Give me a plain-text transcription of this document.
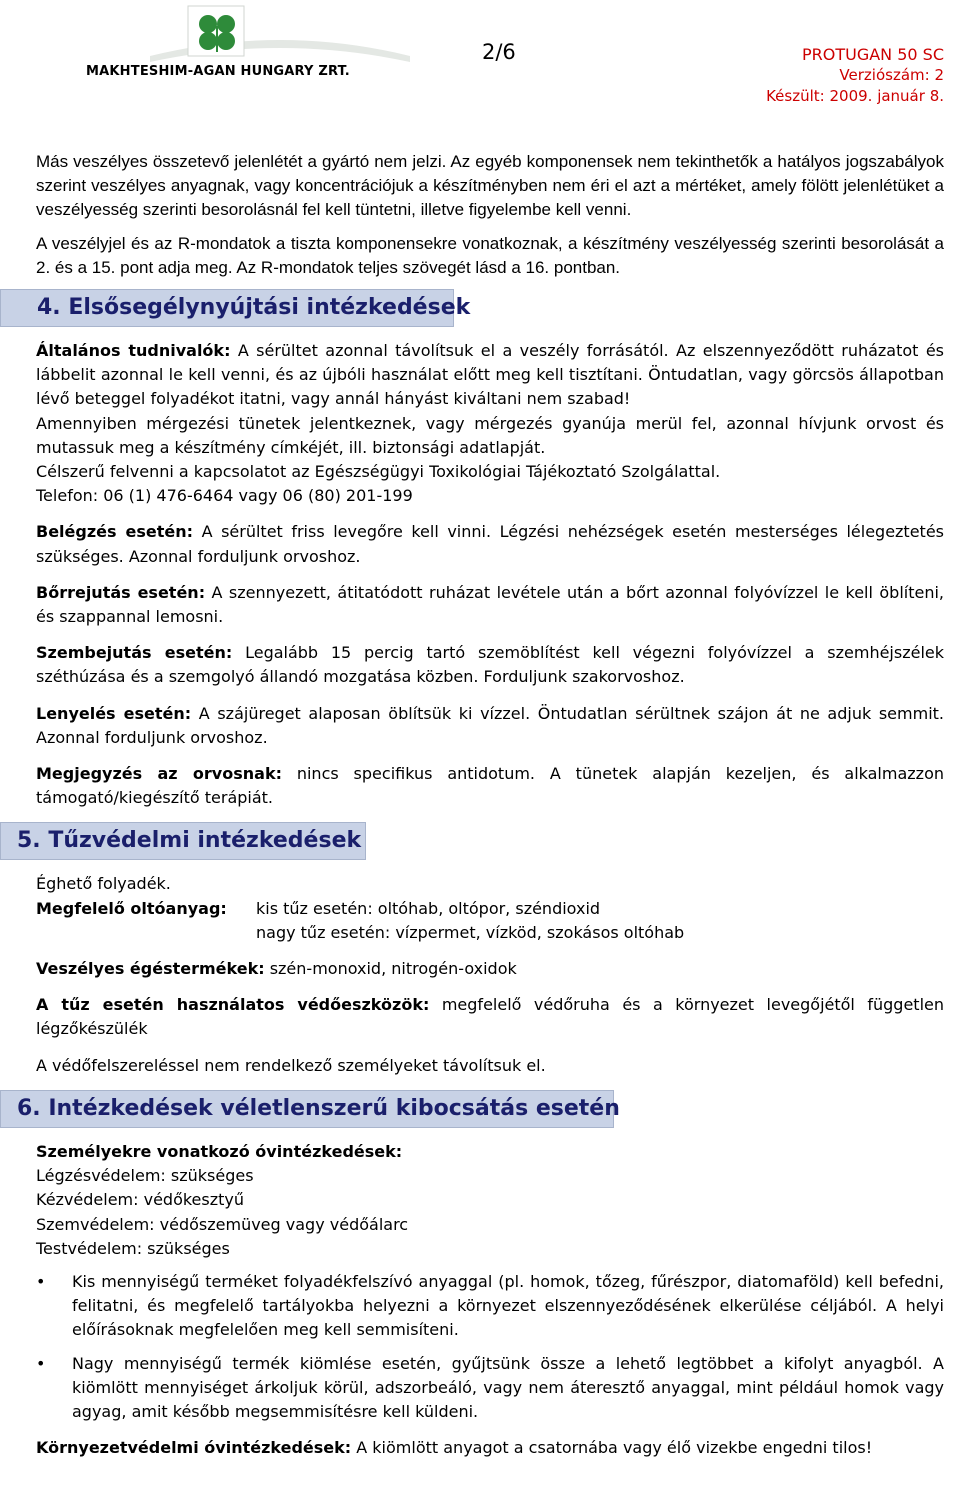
MAKHTESHIM-AGAN HUNGARY ZRT.
2/6	PROTUGAN 50 SC
Verziószám: 2
Készült: 2009. január 8.

Más veszélyes összetevő jelenlétét a gyártó nem jelzi. Az egyéb komponensek nem tekinthetők a hatályos jogszabályok szerint veszélyes anyagnak, vagy koncentrációjuk a készítményben nem éri el azt a mértéket, amely fölött jelenlétüket a veszélyesség szerinti besorolásnál fel kell tüntetni, illetve figyelembe kell venni.

A veszélyjel és az R-mondatok a tiszta komponensekre vonatkoznak, a készítmény veszélyesség szerinti besorolását a 2. és a 15. pont adja meg. Az R-mondatok teljes szövegét lásd a 16. pontban.

4. Elsősegélynyújtási intézkedések

Általános tudnivalók: A sérültet azonnal távolítsuk el a veszély forrásától. Az elszennyeződött ruházatot és lábbelit azonnal le kell venni, és az újbóli használat előtt meg kell tisztítani. Öntudatlan, vagy görcsös állapotban lévő beteggel folyadékot itatni, vagy annál hányást kiváltani nem szabad!

Amennyiben mérgezési tünetek jelentkeznek, vagy mérgezés gyanúja merül fel, azonnal hívjunk orvost és mutassuk meg a készítmény címkéjét, ill. biztonsági adatlapját.

Célszerű felvenni a kapcsolatot az Egészségügyi Toxikológiai Tájékoztató Szolgálattal.

Telefon: 06 (1) 476-6464 vagy 06 (80) 201-199

Belégzés esetén: A sérültet friss levegőre kell vinni. Légzési nehézségek esetén mesterséges lélegeztetés szükséges. Azonnal forduljunk orvoshoz.

Bőrrejutás esetén: A szennyezett, átitatódott ruházat levétele után a bőrt azonnal folyóvízzel le kell öblíteni, és szappannal lemosni.

Szembejutás esetén: Legalább 15 percig tartó szemöblítést kell végezni folyóvízzel a szemhéjszélek széthúzása és a szemgolyó állandó mozgatása közben. Forduljunk szakorvoshoz.

Lenyelés esetén: A szájüreget alaposan öblítsük ki vízzel. Öntudatlan sérültnek szájon át ne adjuk semmit. Azonnal forduljunk orvoshoz.

Megjegyzés az orvosnak: nincs specifikus antidotum. A tünetek alapján kezeljen, és alkalmazzon támogató/kiegészítő terápiát.

5. Tűzvédelmi intézkedések

Éghető folyadék.

Megfelelő oltóanyag:	kis tűz esetén: oltóhab, oltópor, széndioxid
nagy tűz esetén: vízpermet, vízköd, szokásos oltóhab

Veszélyes égéstermékek: szén-monoxid, nitrogén-oxidok

A tűz esetén használatos védőeszközök: megfelelő védőruha és a környezet levegőjétől független légzőkészülék

A védőfelszereléssel nem rendelkező személyeket távolítsuk el.

6. Intézkedések véletlenszerű kibocsátás esetén

Személyekre vonatkozó óvintézkedések:

Légzésvédelem: szükséges

Kézvédelem: védőkesztyű

Szemvédelem: védőszemüveg vagy védőálarc

Testvédelem: szükséges

•	Kis mennyiségű terméket folyadékfelszívó anyaggal (pl. homok, tőzeg, fűrészpor, diatomaföld) kell befedni, felitatni, és megfelelő tartályokba helyezni a környezet elszennyeződésének elkerülése céljából. A helyi előírásoknak megfelelően meg kell semmisíteni.
•	Nagy mennyiségű termék kiömlése esetén, gyűjtsünk össze a lehető legtöbbet a kifolyt anyagból. A kiömlött mennyiséget árkoljuk körül, adszorbeáló, vagy nem áteresztő anyaggal, mint például homok vagy agyag, amit később megsemmisítésre kell küldeni.

Környezetvédelmi óvintézkedések: A kiömlött anyagot a csatornába vagy élő vizekbe engedni tilos!
